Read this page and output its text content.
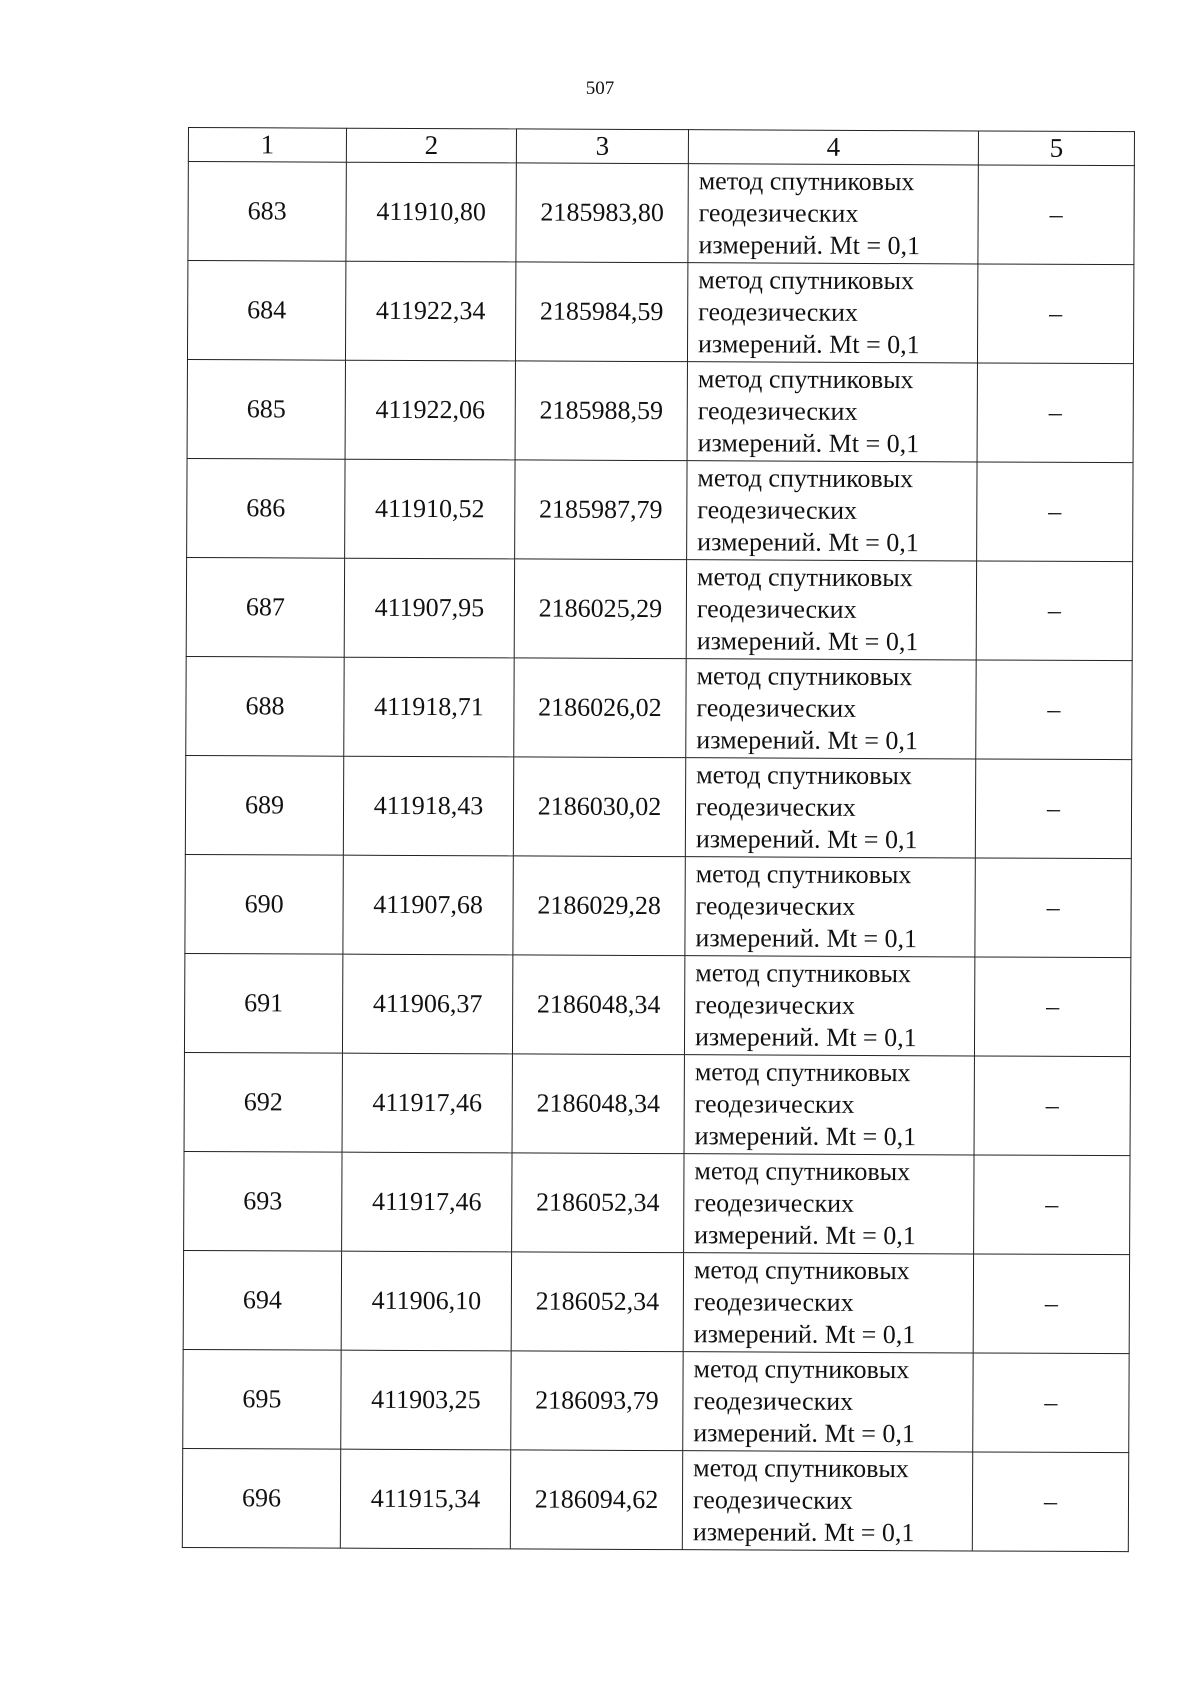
507
1	2	3	4	5
683	411910,80	2185983,80	метод спутниковых
геодезических
измерений. Mt = 0,1	–
684	411922,34	2185984,59	метод спутниковых
геодезических
измерений. Mt = 0,1	–
685	411922,06	2185988,59	метод спутниковых
геодезических
измерений. Mt = 0,1	–
686	411910,52	2185987,79	метод спутниковых
геодезических
измерений. Mt = 0,1	–
687	411907,95	2186025,29	метод спутниковых
геодезических
измерений. Mt = 0,1	–
688	411918,71	2186026,02	метод спутниковых
геодезических
измерений. Mt = 0,1	–
689	411918,43	2186030,02	метод спутниковых
геодезических
измерений. Mt = 0,1	–
690	411907,68	2186029,28	метод спутниковых
геодезических
измерений. Mt = 0,1	–
691	411906,37	2186048,34	метод спутниковых
геодезических
измерений. Mt = 0,1	–
692	411917,46	2186048,34	метод спутниковых
геодезических
измерений. Mt = 0,1	–
693	411917,46	2186052,34	метод спутниковых
геодезических
измерений. Mt = 0,1	–
694	411906,10	2186052,34	метод спутниковых
геодезических
измерений. Mt = 0,1	–
695	411903,25	2186093,79	метод спутниковых
геодезических
измерений. Mt = 0,1	–
696	411915,34	2186094,62	метод спутниковых
геодезических
измерений. Mt = 0,1	–
